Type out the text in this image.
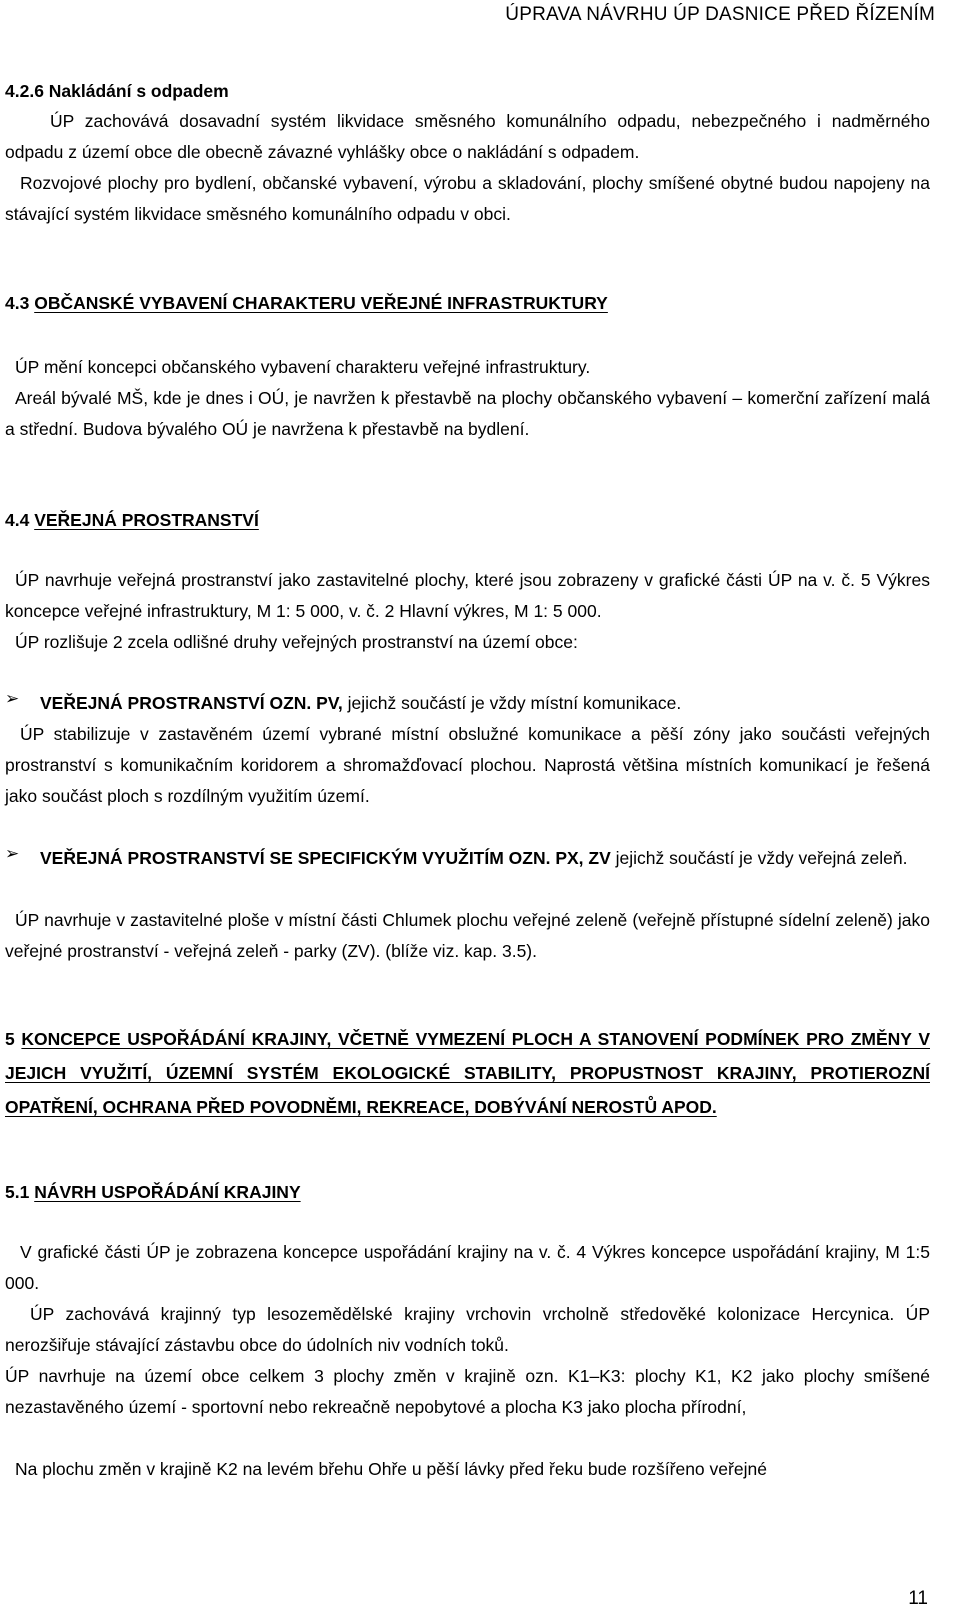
ÚPRAVA NÁVRHU ÚP DASNICE PŘED ŘÍZENÍM
4.2.6 Nakládání s odpadem

ÚP zachovává dosavadní systém likvidace směsného komunálního odpadu, nebezpečného i nadměrného odpadu z území obce dle obecně závazné vyhlášky obce o nakládání s odpadem.

Rozvojové plochy pro bydlení, občanské vybavení, výrobu a skladování, plochy smíšené obytné budou napojeny na stávající systém likvidace směsného komunálního odpadu v obci.

4.3 OBČANSKÉ VYBAVENÍ CHARAKTERU VEŘEJNÉ INFRASTRUKTURY

ÚP mění koncepci občanského vybavení charakteru veřejné infrastruktury.

Areál bývalé MŠ, kde je dnes i OÚ, je navržen k přestavbě na plochy občanského vybavení – komerční zařízení malá a střední. Budova bývalého OÚ je navržena k přestavbě na bydlení.

4.4 VEŘEJNÁ PROSTRANSTVÍ

ÚP navrhuje veřejná prostranství jako zastavitelné plochy, které jsou zobrazeny v grafické části ÚP na v. č. 5 Výkres koncepce veřejné infrastruktury, M 1: 5 000, v. č. 2 Hlavní výkres, M 1: 5 000.

ÚP rozlišuje 2 zcela odlišné druhy veřejných prostranství na území obce:

➢ VEŘEJNÁ PROSTRANSTVÍ OZN. PV, jejichž součástí je vždy místní komunikace.

ÚP stabilizuje v zastavěném území vybrané místní obslužné komunikace a pěší zóny jako součásti veřejných prostranství s komunikačním koridorem a shromažďovací plochou. Naprostá většina místních komunikací je řešená jako součást ploch s rozdílným využitím území.

➢ VEŘEJNÁ PROSTRANSTVÍ SE SPECIFICKÝM VYUŽITÍM OZN. PX, ZV jejichž součástí je vždy veřejná zeleň.

ÚP navrhuje v zastavitelné ploše v místní části Chlumek plochu veřejné zeleně (veřejně přístupné sídelní zeleně) jako veřejné prostranství - veřejná zeleň - parky (ZV). (blíže viz. kap. 3.5).

5 KONCEPCE USPOŘÁDÁNÍ KRAJINY, VČETNĚ VYMEZENÍ PLOCH A STANOVENÍ PODMÍNEK PRO ZMĚNY V JEJICH VYUŽITÍ, ÚZEMNÍ SYSTÉM EKOLOGICKÉ STABILITY, PROPUSTNOST KRAJINY, PROTIEROZNÍ OPATŘENÍ, OCHRANA PŘED POVODNĚMI, REKREACE, DOBÝVÁNÍ NEROSTŮ APOD.
5.1 NÁVRH USPOŘÁDÁNÍ KRAJINY

V grafické části ÚP je zobrazena koncepce uspořádání krajiny na v. č. 4 Výkres koncepce uspořádání krajiny, M 1:5 000.

ÚP zachovává krajinný typ lesozemědělské krajiny vrchovin vrcholně středověké kolonizace Hercynica. ÚP nerozšiřuje stávající zástavbu obce do údolních niv vodních toků.

ÚP navrhuje na území obce celkem 3 plochy změn v krajině ozn. K1–K3: plochy K1, K2 jako plochy smíšené nezastavěného území - sportovní nebo rekreačně nepobytové a plocha K3 jako plocha přírodní,

Na plochu změn v krajině K2 na levém břehu Ohře u pěší lávky před řeku bude rozšířeno veřejné

11
